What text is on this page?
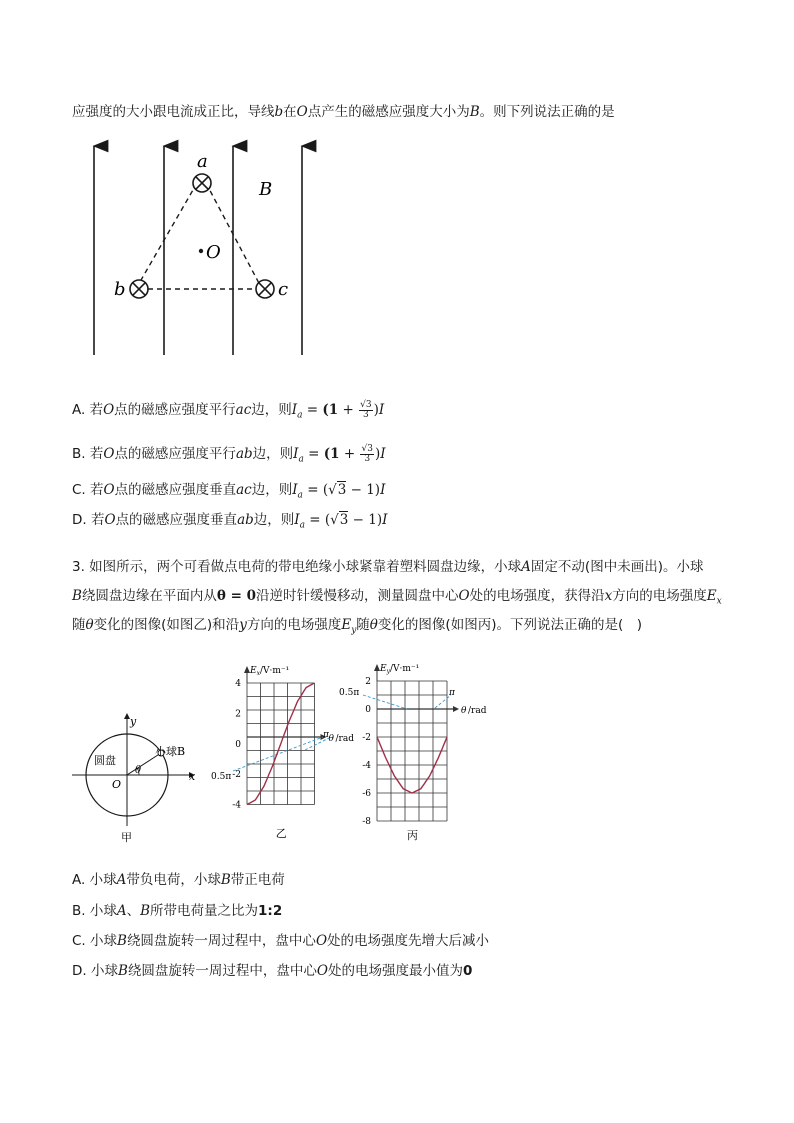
应强度的大小跟电流成正比，导线b在O点产生的磁感应强度大小为B。则下列说法正确的是
a
b	c
O
B
A. 若O点的磁感应强度平行ac边，则$I_a = (1 + \frac{√3}{3} )I$
B. 若O点的磁感应强度平行ab边，则$I_a = (1 + \frac{√3}{3} )I$
C. 若O点的磁感应强度垂直ac边，则$I_a = (√3 - 1)I$
D. 若O点的磁感应强度垂直ab边，则$I_a = (√3 - 1)I$
3. 如图所示，两个可看做点电荷的带电绝缘小球紧靠着塑料圆盘边缘，小球A固定不动(图中未画出)。小球
B绕圆盘边缘在平面内从θ = 0沿逆时针缓慢移动，测量圆盘中心O处的电场强度，获得沿x方向的电场强度$E_x$
随θ变化的图像(如图乙)和沿y方向的电场强度$E_y$随θ变化的图像(如图丙)。下列说法正确的是(　)
y
x
圆盘
小球B
θ
O
甲
$E_x/V\cdot m^{-1}$
4
2
0
-2
-4
θ /rad
0.5π
π
乙
$E_y/V\cdot m^{-1}$
2
0
-2
-4
-6
-8
θ /rad
0.5π	π
丙
A. 小球A带负电荷，小球B带正电荷
B. 小球A、B所带电荷量之比为1:2
C. 小球B绕圆盘旋转一周过程中，盘中心O处的电场强度先增大后减小
D. 小球B绕圆盘旋转一周过程中，盘中心O处的电场强度最小值为0
